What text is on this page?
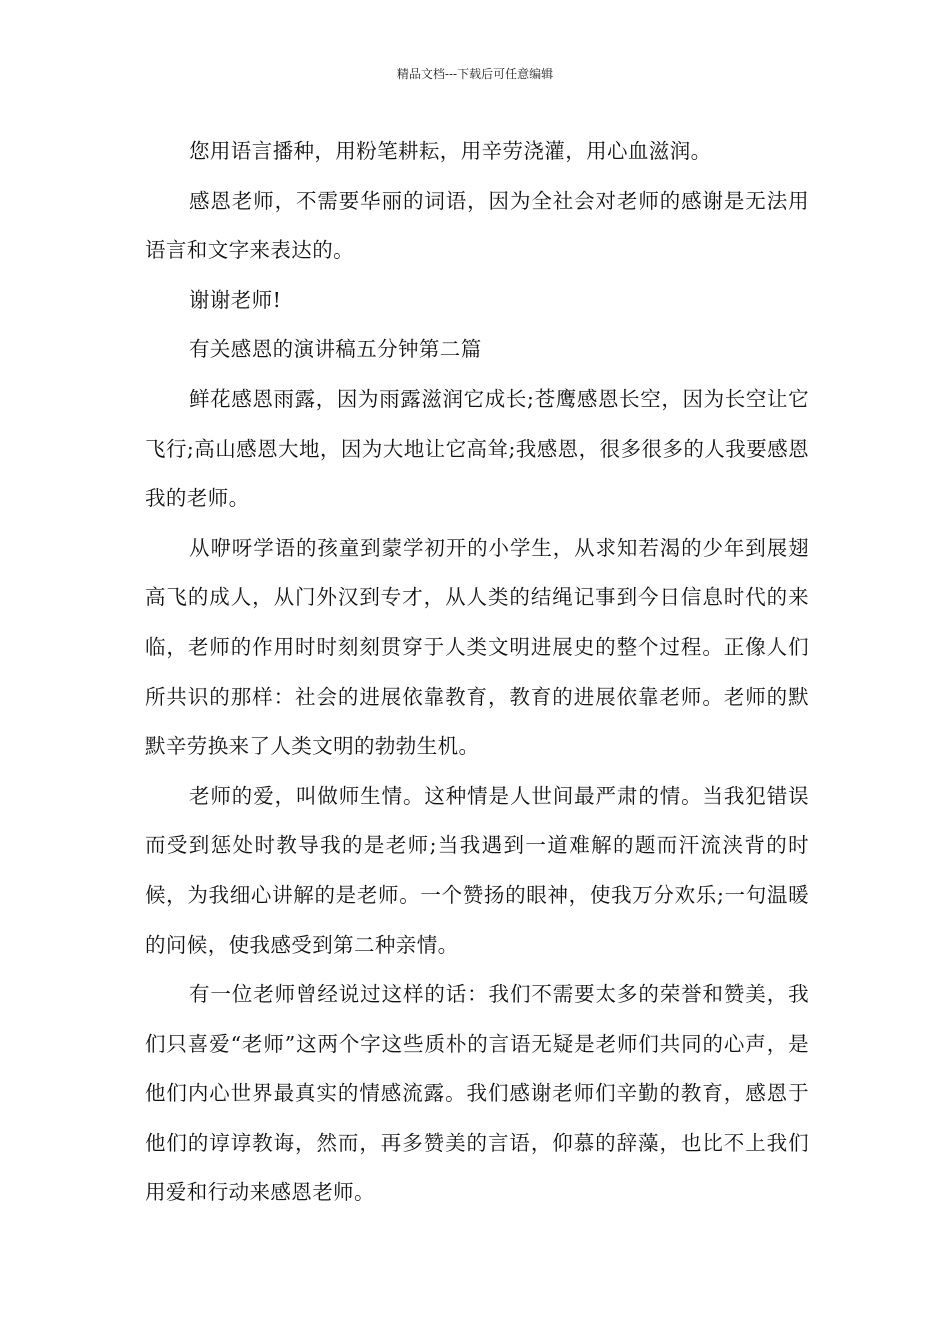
精品文档---下载后可任意编辑

您用语言播种，用粉笔耕耘，用辛劳浇灌，用心血滋润。

感恩老师，不需要华丽的词语，因为全社会对老师的感谢是无法用语言和文字来表达的。

谢谢老师!

有关感恩的演讲稿五分钟第二篇

鲜花感恩雨露，因为雨露滋润它成长;苍鹰感恩长空，因为长空让它飞行;高山感恩大地，因为大地让它高耸;我感恩，很多很多的人我要感恩我的老师。

从咿呀学语的孩童到蒙学初开的小学生，从求知若渴的少年到展翅高飞的成人，从门外汉到专才，从人类的结绳记事到今日信息时代的来临，老师的作用时时刻刻贯穿于人类文明进展史的整个过程。正像人们所共识的那样：社会的进展依靠教育，教育的进展依靠老师。老师的默默辛劳换来了人类文明的勃勃生机。

老师的爱，叫做师生情。这种情是人世间最严肃的情。当我犯错误而受到惩处时教导我的是老师;当我遇到一道难解的题而汗流浃背的时候，为我细心讲解的是老师。一个赞扬的眼神，使我万分欢乐;一句温暖的问候，使我感受到第二种亲情。

有一位老师曾经说过这样的话：我们不需要太多的荣誉和赞美，我们只喜爱“老师”这两个字这些质朴的言语无疑是老师们共同的心声，是他们内心世界最真实的情感流露。我们感谢老师们辛勤的教育，感恩于他们的谆谆教诲，然而，再多赞美的言语，仰慕的辞藻，也比不上我们用爱和行动来感恩老师。
